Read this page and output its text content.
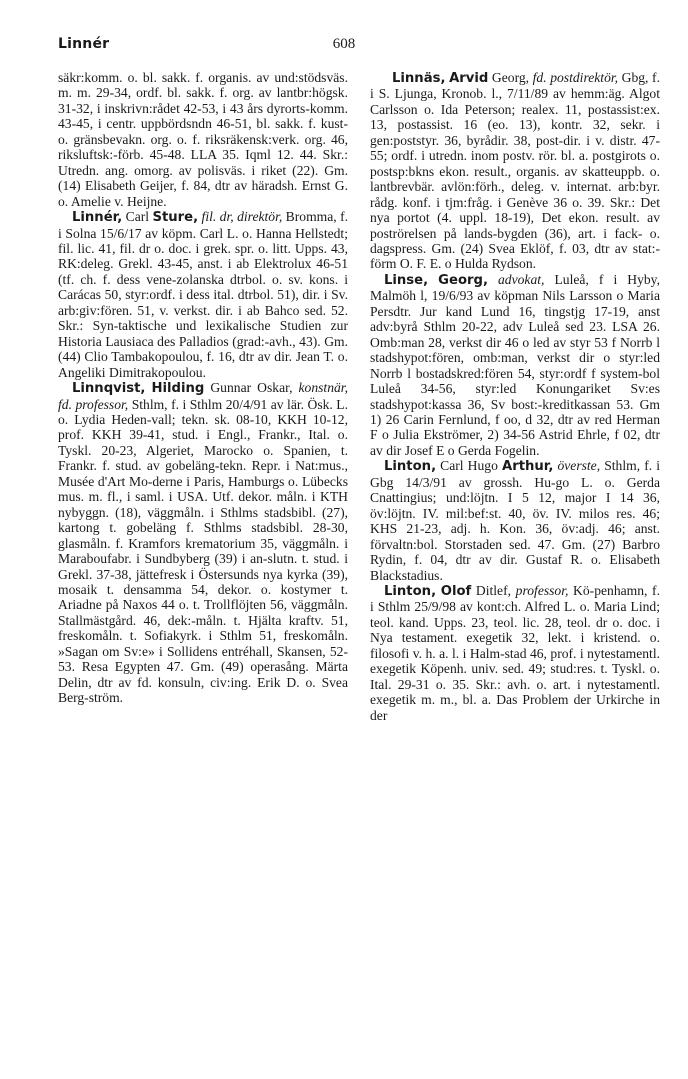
Linnér	608

säkr:komm. o. bl. sakk. f. organis. av und:stödsväs. m. m. 29-34, ordf. bl. sakk. f. org. av lantbr:högsk. 31-32, i inskrivn:rådet 42-53, i 43 års dyrorts-komm. 43-45, i centr. uppbördsndn 46-51, bl. sakk. f. kust- o. gränsbevakn. org. o. f. riksräkensk:verk. org. 46, riksluftsk:-förb. 45-48. LLA 35. Iqml 12. 44. Skr.: Utredn. ang. omorg. av polisväs. i riket (22). Gm. (14) Elisabeth Geijer, f. 84, dtr av häradsh. Ernst G. o. Amelie v. Heijne.

Linnér, Carl Sture, fil. dr, direktör, Bromma, f. i Solna 15/6/17 av köpm. Carl L. o. Hanna Hellstedt; fil. lic. 41, fil. dr o. doc. i grek. spr. o. litt. Upps. 43, RK:deleg. Grekl. 43-45, anst. i ab Elektrolux 46-51 (tf. ch. f. dess vene-zolanska dtrbol. o. sv. kons. i Carácas 50, styr:ordf. i dess ital. dtrbol. 51), dir. i Sv. arb:giv:fören. 51, v. verkst. dir. i ab Bahco sed. 52. Skr.: Syn-taktische und lexikalische Studien zur Historia Lausiaca des Palladios (grad:-avh., 43). Gm. (44) Clio Tambakopoulou, f. 16, dtr av dir. Jean T. o. Angeliki Dimitrakopoulou.

Linnqvist, Hilding Gunnar Oskar, konstnär, fd. professor, Sthlm, f. i Sthlm 20/4/91 av lär. Ösk. L. o. Lydia Heden-vall; tekn. sk. 08-10, KKH 10-12, prof. KKH 39-41, stud. i Engl., Frankr., Ital. o. Tyskl. 20-23, Algeriet, Marocko o. Spanien, t. Frankr. f. stud. av gobeläng-tekn. Repr. i Nat:mus., Musée d'Art Mo-derne i Paris, Hamburgs o. Lübecks mus. m. fl., i saml. i USA. Utf. dekor. måln. i KTH nybyggn. (18), väggmåln. i Sthlms stadsbibl. (27), kartong t. gobeläng f. Sthlms stadsbibl. 28-30, glasmåln. f. Kramfors krematorium 35, väggmåln. i Maraboufabr. i Sundbyberg (39) i an-slutn. t. stud. i Grekl. 37-38, jättefresk i Östersunds nya kyrka (39), mosaik t. densamma 54, dekor. o. kostymer t. Ariadne på Naxos 44 o. t. Trollflöjten 56, väggmåln. Stallmästgård. 46, dek:-måln. t. Hjälta kraftv. 51, freskomåln. t. Sofiakyrk. i Sthlm 51, freskomåln. »Sagan om Sv:e» i Sollidens entréhall, Skansen, 52-53. Resa Egypten 47. Gm. (49) operasång. Märta Delin, dtr av fd. konsuln, civ:ing. Erik D. o. Svea Berg-ström.

Linnäs, Arvid Georg, fd. postdirektör, Gbg, f. i S. Ljunga, Kronob. l., 7/11/89 av hemm:äg. Algot Carlsson o. Ida Peterson; realex. 11, postassist:ex. 13, postassist. 16 (eo. 13), kontr. 32, sekr. i gen:poststyr. 36, byrådir. 38, post-dir. i v. distr. 47-55; ordf. i utredn. inom postv. rör. bl. a. postgirots o. postsp:bkns ekon. result., organis. av skatteuppb. o. lantbrevbär. avlön:förh., deleg. v. internat. arb:byr. rådg. konf. i tjm:fråg. i Genève 36 o. 39. Skr.: Det nya portot (4. uppl. 18-19), Det ekon. result. av poströrelsen på lands-bygden (36), art. i fack- o. dagspress. Gm. (24) Svea Eklöf, f. 03, dtr av stat:-förm O. F. E. o Hulda Rydson.

Linse, Georg, advokat, Luleå, f i Hyby, Malmöh l, 19/6/93 av köpman Nils Larsson o Maria Persdtr. Jur kand Lund 16, tingstjg 17-19, anst adv:byrå Sthlm 20-22, adv Luleå sed 23. LSA 26. Omb:man 28, verkst dir 46 o led av styr 53 f Norrb l stadshypot:fören, omb:man, verkst dir o styr:led Norrb l bostadskred:fören 54, styr:ordf f system-bol Luleå 34-56, styr:led Konungariket Sv:es stadshypot:kassa 36, Sv bost:-kreditkassan 53. Gm 1) 26 Carin Fernlund, f oo, d 32, dtr av red Herman F o Julia Ekströmer, 2) 34-56 Astrid Ehrle, f 02, dtr av dir Josef E o Gerda Fogelin.

Linton, Carl Hugo Arthur, överste, Sthlm, f. i Gbg 14/3/91 av grossh. Hu-go L. o. Gerda Cnattingius; und:löjtn. I 5 12, major I 14 36, öv:löjtn. IV. mil:bef:st. 40, öv. IV. milos res. 46; KHS 21-23, adj. h. Kon. 36, öv:adj. 46; anst. förvaltn:bol. Storstaden sed. 47. Gm. (27) Barbro Rydin, f. 04, dtr av dir. Gustaf R. o. Elisabeth Blackstadius.

Linton, Olof Ditlef, professor, Kö-penhamn, f. i Sthlm 25/9/98 av kont:ch. Alfred L. o. Maria Lind; teol. kand. Upps. 23, teol. lic. 28, teol. dr o. doc. i Nya testament. exegetik 32, lekt. i kristend. o. filosofi v. h. a. l. i Halm-stad 46, prof. i nytestamentl. exegetik Köpenh. univ. sed. 49; stud:res. t. Tyskl. o. Ital. 29-31 o. 35. Skr.: avh. o. art. i nytestamentl. exegetik m. m., bl. a. Das Problem der Urkirche in der
